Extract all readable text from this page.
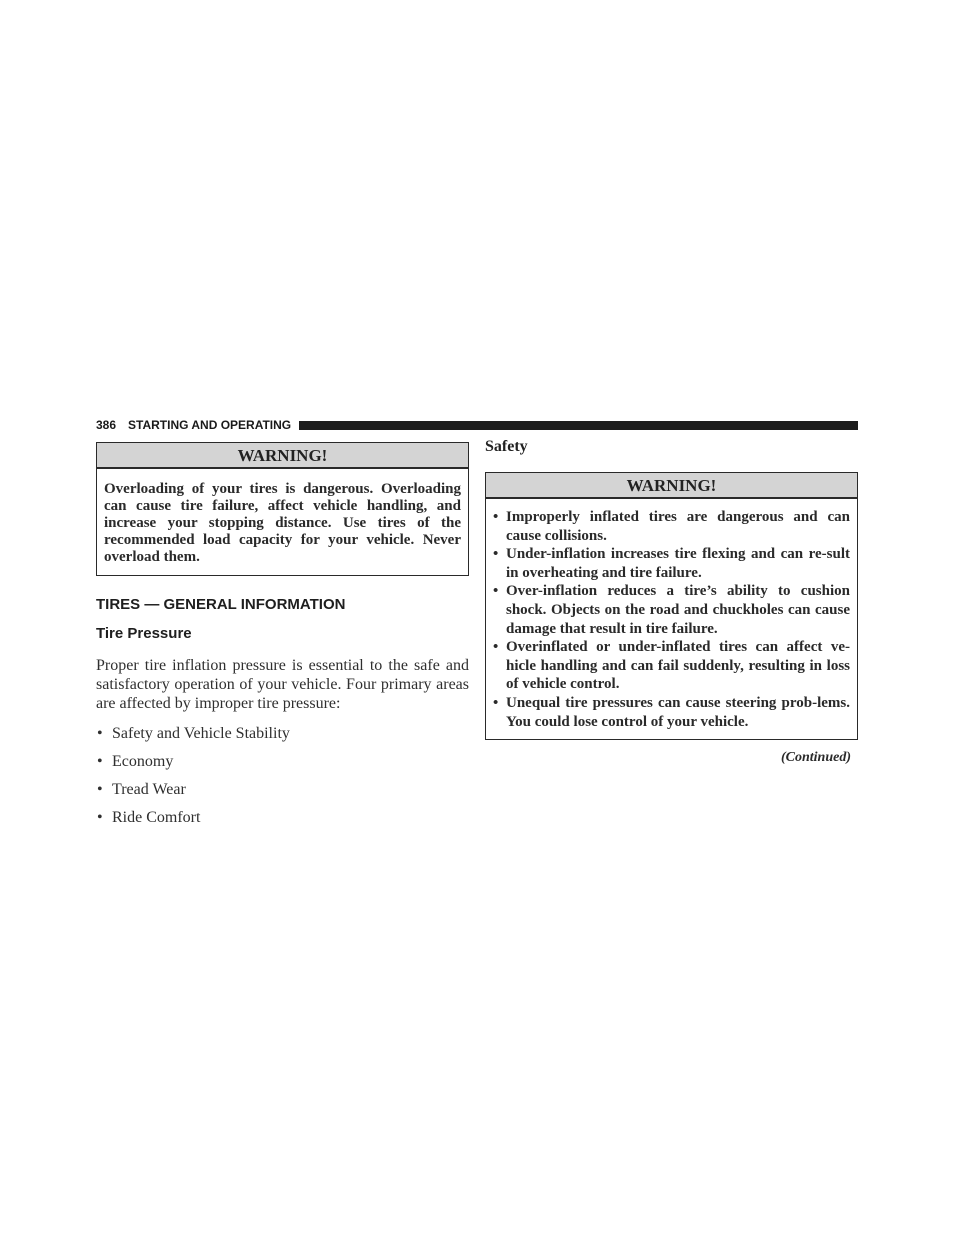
386 STARTING AND OPERATING
WARNING!
Overloading of your tires is dangerous. Overloading can cause tire failure, affect vehicle handling, and increase your stopping distance. Use tires of the recommended load capacity for your vehicle. Never overload them.
TIRES — GENERAL INFORMATION
Tire Pressure

Proper tire inflation pressure is essential to the safe and satisfactory operation of your vehicle. Four primary areas are affected by improper tire pressure:

• Safety and Vehicle Stability
• Economy
• Tread Wear
• Ride Comfort
Safety
WARNING!
• Improperly inflated tires are dangerous and can cause collisions.
• Under-inflation increases tire flexing and can re-sult in overheating and tire failure.
• Over-inflation reduces a tire’s ability to cushion shock. Objects on the road and chuckholes can cause damage that result in tire failure.
• Overinflated or under-inflated tires can affect ve-hicle handling and can fail suddenly, resulting in loss of vehicle control.
• Unequal tire pressures can cause steering prob-lems. You could lose control of your vehicle.
(Continued)
